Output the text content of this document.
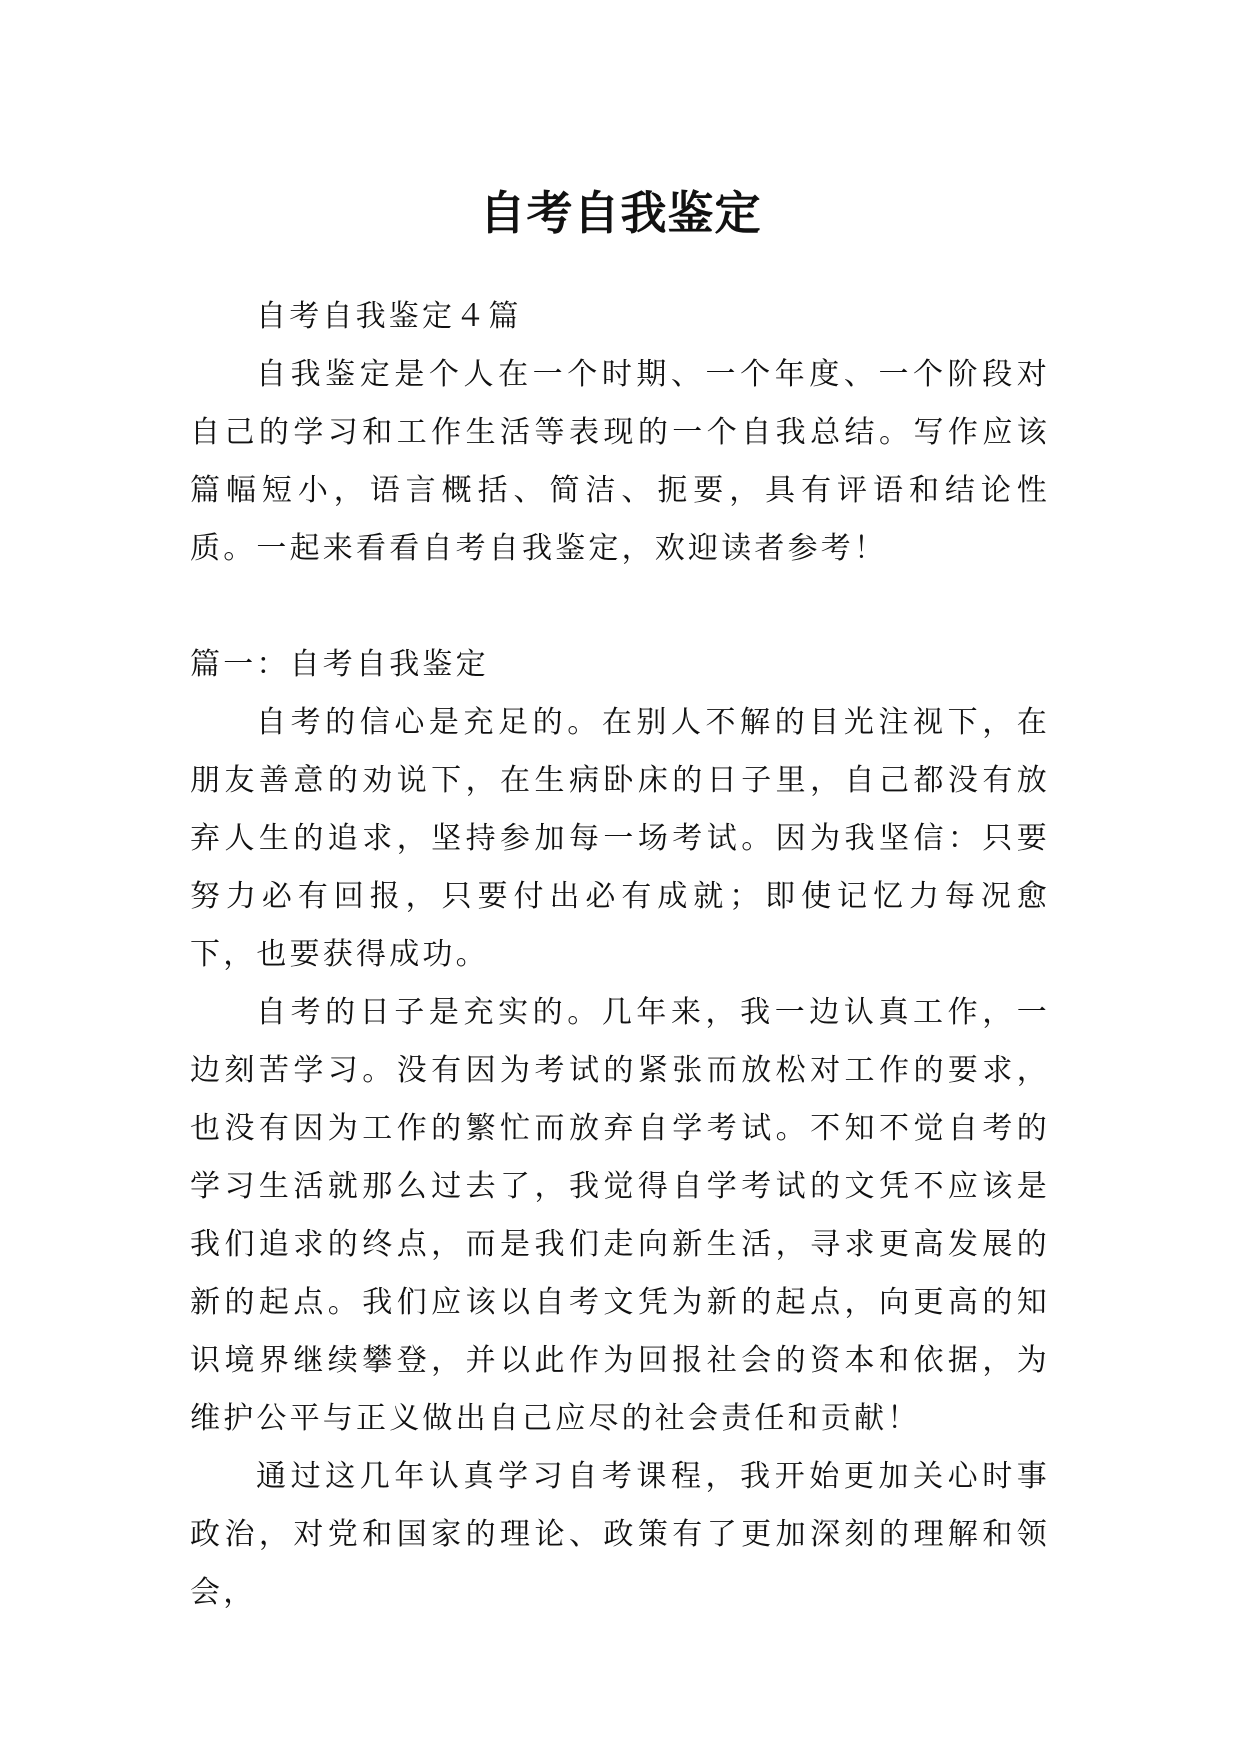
自考自我鉴定

自考自我鉴定４篇

自我鉴定是个人在一个时期、一个年度、一个阶段对自己的学习和工作生活等表现的一个自我总结。写作应该篇幅短小，语言概括、简洁、扼要，具有评语和结论性质。一起来看看自考自我鉴定，欢迎读者参考！

篇一：自考自我鉴定

自考的信心是充足的。在别人不解的目光注视下，在朋友善意的劝说下，在生病卧床的日子里，自己都没有放弃人生的追求，坚持参加每一场考试。因为我坚信：只要努力必有回报，只要付出必有成就；即使记忆力每况愈下，也要获得成功。

自考的日子是充实的。几年来，我一边认真工作，一边刻苦学习。没有因为考试的紧张而放松对工作的要求，也没有因为工作的繁忙而放弃自学考试。不知不觉自考的学习生活就那么过去了，我觉得自学考试的文凭不应该是我们追求的终点，而是我们走向新生活，寻求更高发展的新的起点。我们应该以自考文凭为新的起点，向更高的知识境界继续攀登，并以此作为回报社会的资本和依据，为维护公平与正义做出自己应尽的社会责任和贡献！

通过这几年认真学习自考课程，我开始更加关心时事政治，对党和国家的理论、政策有了更加深刻的理解和领会，
